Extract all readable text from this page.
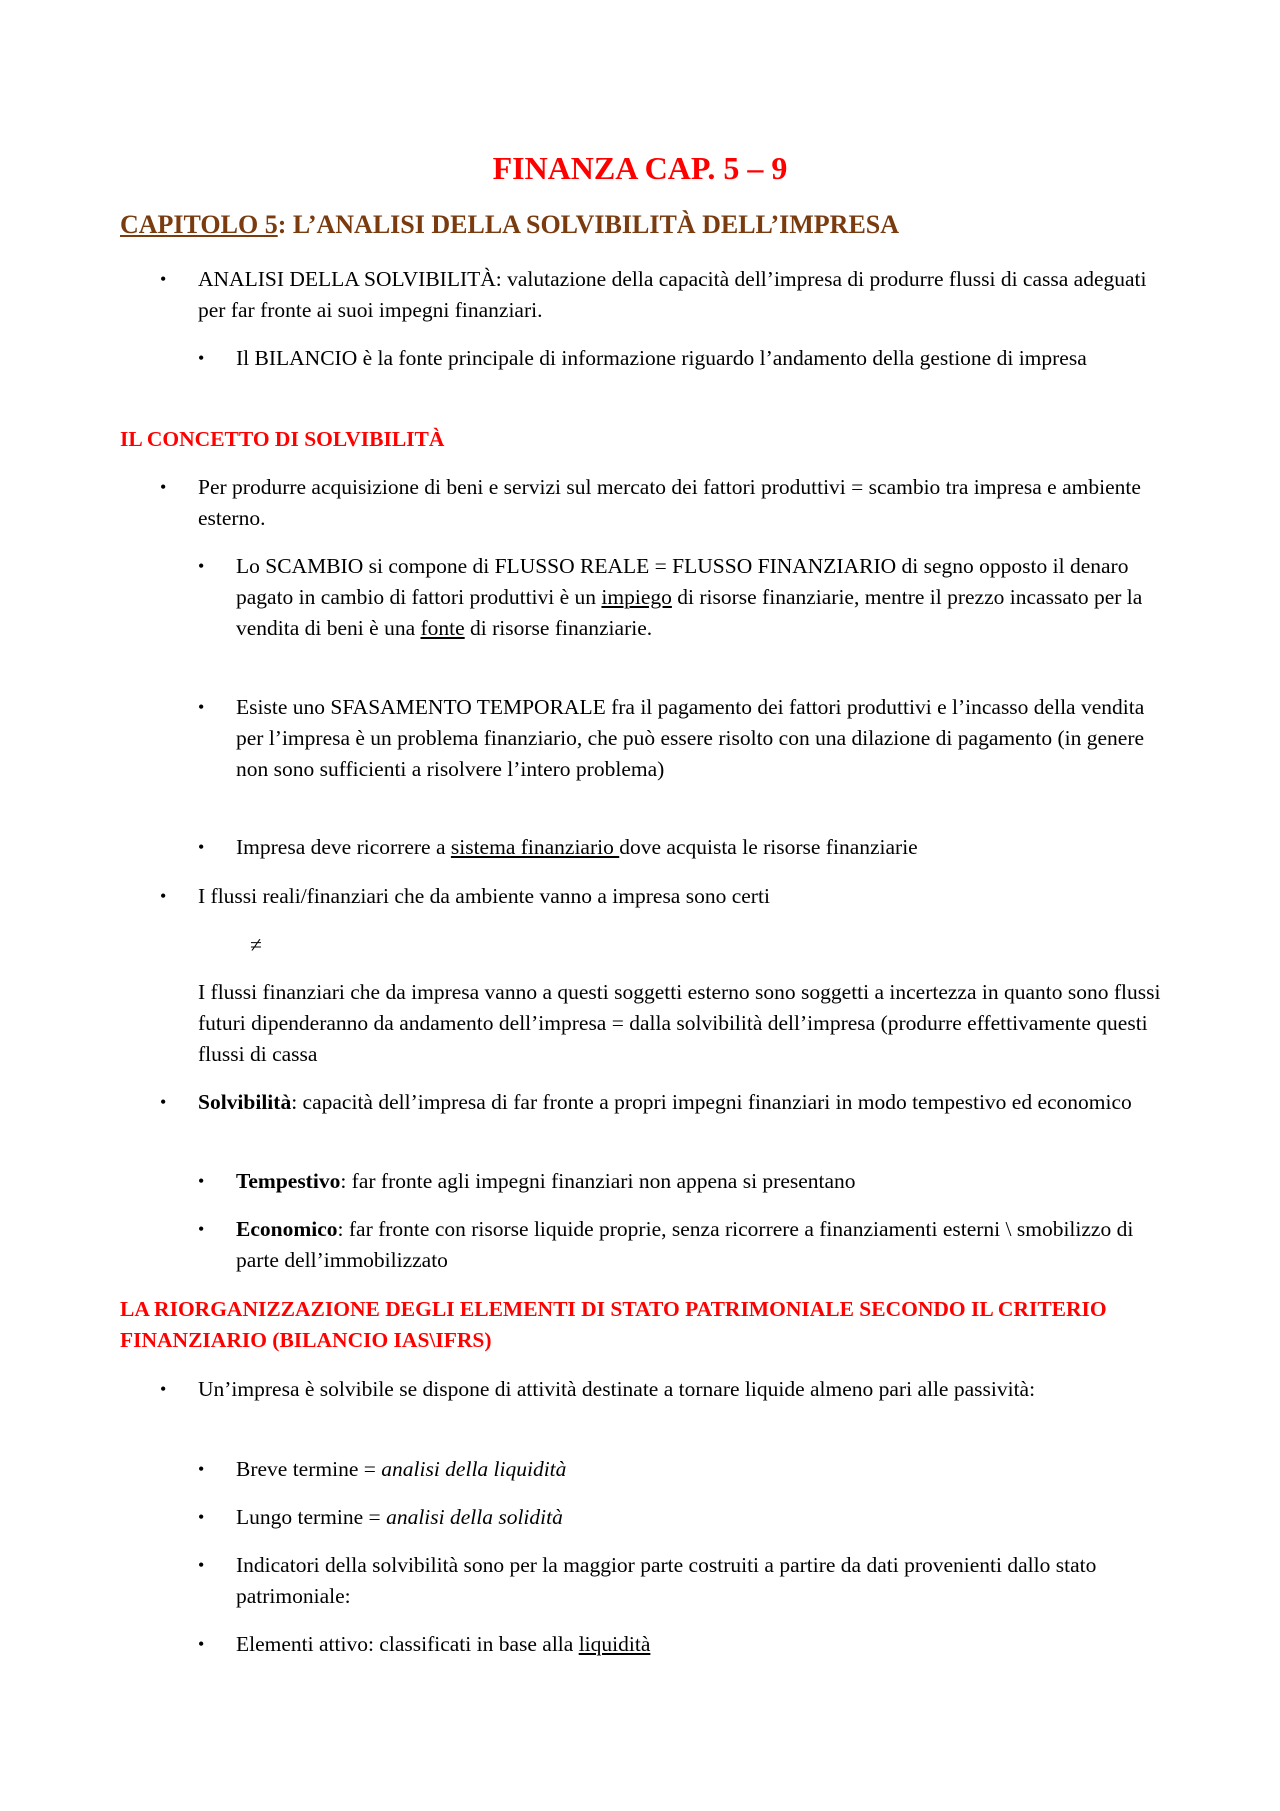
FINANZA CAP. 5 – 9
CAPITOLO 5: L’ANALISI DELLA SOLVIBILITÀ DELL’IMPRESA
• ANALISI DELLA SOLVIBILITÀ: valutazione della capacità dell’impresa di produrre flussi di cassa adeguati per far fronte ai suoi impegni finanziari.

• Il BILANCIO è la fonte principale di informazione riguardo l’andamento della gestione di impresa

IL CONCETTO DI SOLVIBILITÀ
• Per produrre acquisizione di beni e servizi sul mercato dei fattori produttivi = scambio tra impresa e ambiente esterno.

• Lo SCAMBIO si compone di FLUSSO REALE = FLUSSO FINANZIARIO di segno opposto il denaro pagato in cambio di fattori produttivi è un impiego di risorse finanziarie, mentre il prezzo incassato per la vendita di beni è una fonte di risorse finanziarie.

• Esiste uno SFASAMENTO TEMPORALE fra il pagamento dei fattori produttivi e l’incasso della vendita per l’impresa è un problema finanziario, che può essere risolto con una dilazione di pagamento (in genere non sono sufficienti a risolvere l’intero problema)

• Impresa deve ricorrere a sistema finanziario dove acquista le risorse finanziarie

• I flussi reali/finanziari che da ambiente vanno a impresa sono certi

≠

I flussi finanziari che da impresa vanno a questi soggetti esterno sono soggetti a incertezza in quanto sono flussi futuri dipenderanno da andamento dell’impresa = dalla solvibilità dell’impresa (produrre effettivamente questi flussi di cassa

• Solvibilità: capacità dell’impresa di far fronte a propri impegni finanziari in modo tempestivo ed economico

• Tempestivo: far fronte agli impegni finanziari non appena si presentano

• Economico: far fronte con risorse liquide proprie, senza ricorrere a finanziamenti esterni \ smobilizzo di parte dell’immobilizzato

LA RIORGANIZZAZIONE DEGLI ELEMENTI DI STATO PATRIMONIALE SECONDO IL CRITERIO FINANZIARIO (BILANCIO IAS\IFRS)
• Un’impresa è solvibile se dispone di attività destinate a tornare liquide almeno pari alle passività:

• Breve termine = analisi della liquidità

• Lungo termine = analisi della solidità

• Indicatori della solvibilità sono per la maggior parte costruiti a partire da dati provenienti dallo stato patrimoniale:

• Elementi attivo: classificati in base alla liquidità
